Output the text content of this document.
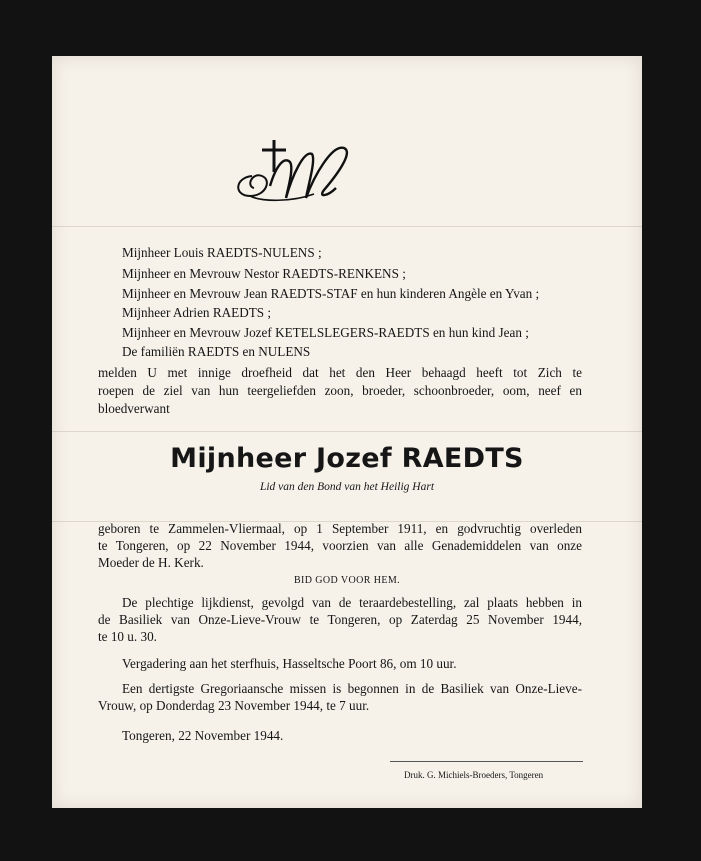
Mijnheer Louis RAEDTS-NULENS ;
Mijnheer en Mevrouw Nestor RAEDTS-RENKENS ;
Mijnheer en Mevrouw Jean RAEDTS-STAF en hun kinderen Angèle en Yvan ;
Mijnheer Adrien RAEDTS ;
Mijnheer en Mevrouw Jozef KETELSLEGERS-RAEDTS en hun kind Jean ;
De familiën RAEDTS en NULENS
melden U met innige droefheid dat het den Heer behaagd heeft tot Zich te
roepen de ziel van hun teergeliefden zoon, broeder, schoonbroeder, oom, neef en
bloedverwant
Mijnheer Jozef RAEDTS
Lid van den Bond van het Heilig Hart
geboren te Zammelen-Vliermaal, op 1 September 1911, en godvruchtig overleden
te Tongeren, op 22 November 1944, voorzien van alle Genademiddelen van onze
Moeder de H. Kerk.
BID GOD VOOR HEM.
De plechtige lijkdienst, gevolgd van de teraardebestelling, zal plaats hebben in
de Basiliek van Onze-Lieve-Vrouw te Tongeren, op Zaterdag 25 November 1944,
te 10 u. 30.
Vergadering aan het sterfhuis, Hasseltsche Poort 86, om 10 uur.
Een dertigste Gregoriaansche missen is begonnen in de Basiliek van Onze-Lieve-
Vrouw, op Donderdag 23 November 1944, te 7 uur.
Tongeren, 22 November 1944.
Druk. G. Michiels-Broeders, Tongeren
